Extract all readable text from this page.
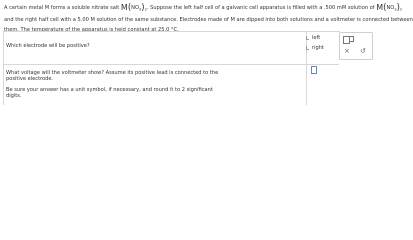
A certain metal M forms a soluble nitrate salt $M(NO_3)_2$. Suppose the left half cell of a galvanic cell apparatus is filled with a .500 mM solution of $M(NO_3)_2$
and the right half cell with a 5.00 M solution of the same substance. Electrodes made of M are dipped into both solutions and a voltmeter is connected between
them. The temperature of the apparatus is held constant at 25.0 °C.
Which electrode will be positive?
What voltage will the voltmeter show? Assume its positive lead is connected to the
positive electrode.
Be sure your answer has a unit symbol, if necessary, and round it to 2 significant
digits.
left
right	× ↺
